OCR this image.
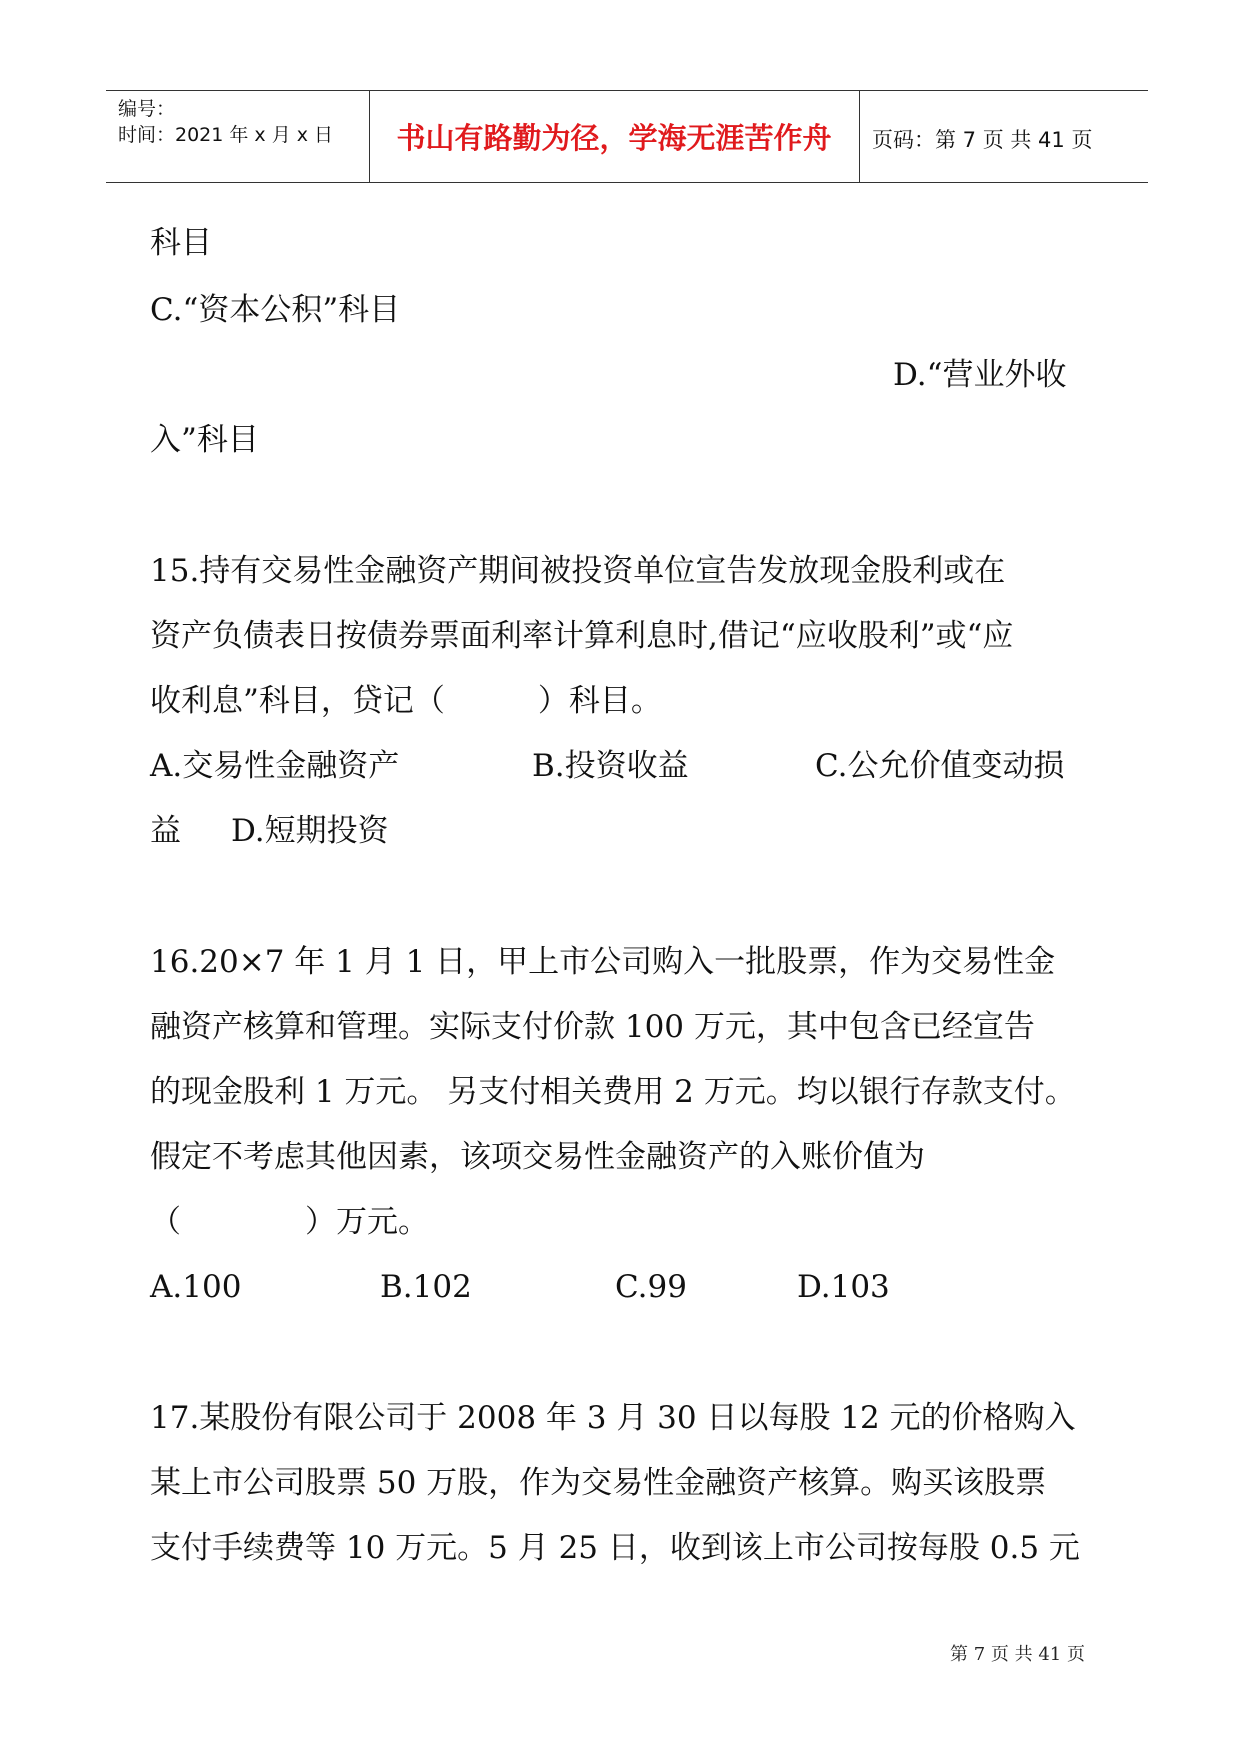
编号：
时间：2021 年 x 月 x 日	书山有路勤为径，学海无涯苦作舟	页码：第 7 页 共 41 页
科目
C.“资本公积”科目
D.“营业外收
入”科目
15.持有交易性金融资产期间被投资单位宣告发放现金股利或在
资产负债表日按债券票面利率计算利息时,借记“应收股利”或“应
收利息”科目，贷记（　　　）科目。
A.交易性金融资产	B.投资收益	C.公允价值变动损
益 D.短期投资
16.20×7 年 1 月 1 日，甲上市公司购入一批股票，作为交易性金
融资产核算和管理。实际支付价款 100 万元，其中包含已经宣告
的现金股利 1 万元。 另支付相关费用 2 万元。均以银行存款支付。
假定不考虑其他因素，该项交易性金融资产的入账价值为
（　　　　）万元。
A.100	B.102	C.99	D.103
17.某股份有限公司于 2008 年 3 月 30 日以每股 12 元的价格购入
某上市公司股票 50 万股，作为交易性金融资产核算。购买该股票
支付手续费等 10 万元。5 月 25 日，收到该上市公司按每股 0.5 元
第 7 页 共 41 页
